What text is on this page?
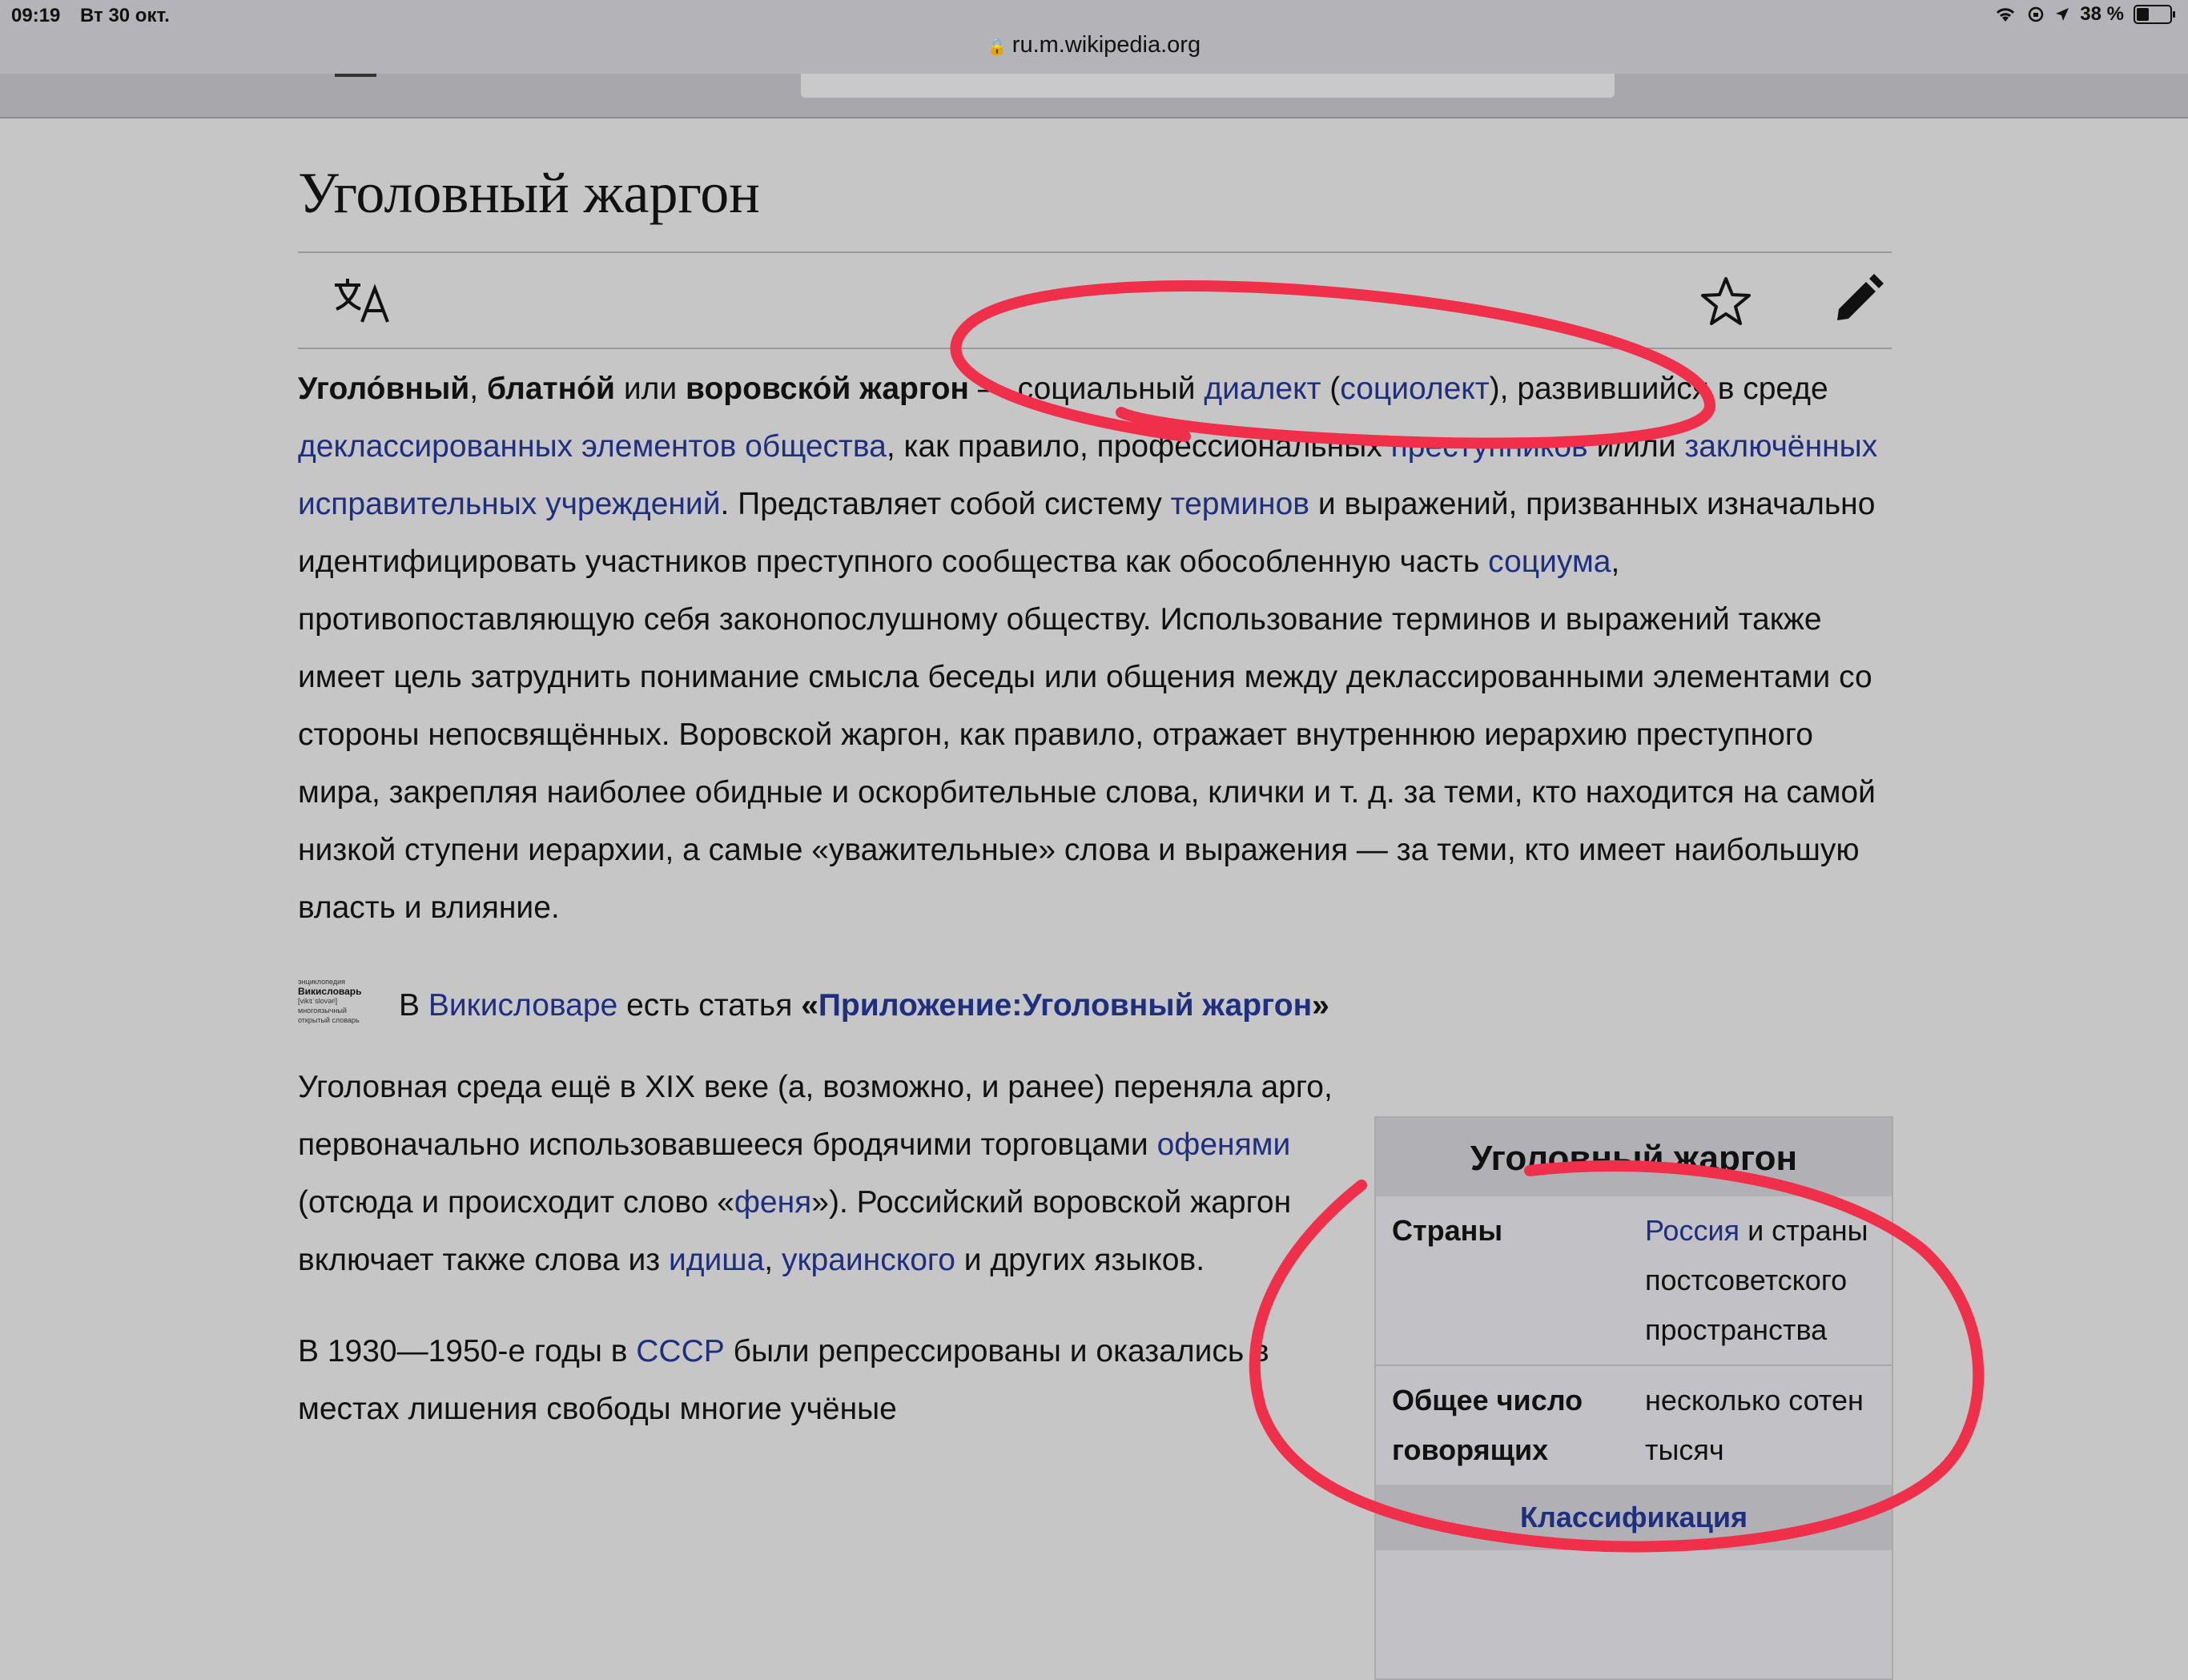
09:19 Вт 30 окт.	38 %
🔒 ru.m.wikipedia.org
Уголовный жаргон

Уголо́вный, блатно́й или воровско́й жаргон — социальный диалект (социолект), развившийся в среде деклассированных элементов общества, как правило, профессиональных преступников и/или заключённых исправительных учреждений. Представляет собой систему терминов и выражений, призванных изначально идентифицировать участников преступного сообщества как обособленную часть социума, противопоставляющую себя законопослушному обществу. Использование терминов и выражений также имеет цель затруднить понимание смысла беседы или общения между деклассированными элементами со стороны непосвящённых. Воровской жаргон, как правило, отражает внутреннюю иерархию преступного мира, закрепляя наиболее обидные и оскорбительные слова, клички и т. д. за теми, кто находится на самой низкой ступени иерархии, а самые «уважительные» слова и выражения — за теми, кто имеет наибольшую власть и влияние.

энциклопедия
Викисловарь
[vikʲɪˈslovərʲ]
многоязычный
открытый словарь	В Викисловаре есть статья «Приложение:Уголовный жаргон»

Уголовная среда ещё в XIX веке (а, возможно, и ранее) переняла арго, первоначально использовавшееся бродячими торговцами офенями (отсюда и происходит слово «феня»). Российский воровской жаргон включает также слова из идиша, украинского и других языков.

В 1930—1950-е годы в СССР были репрессированы и оказались в местах лишения свободы многие учёные

Уголовный жаргон
Страны	Россия и страны постсоветского пространства
Общее число говорящих	несколько сотен тысяч
Классификация
